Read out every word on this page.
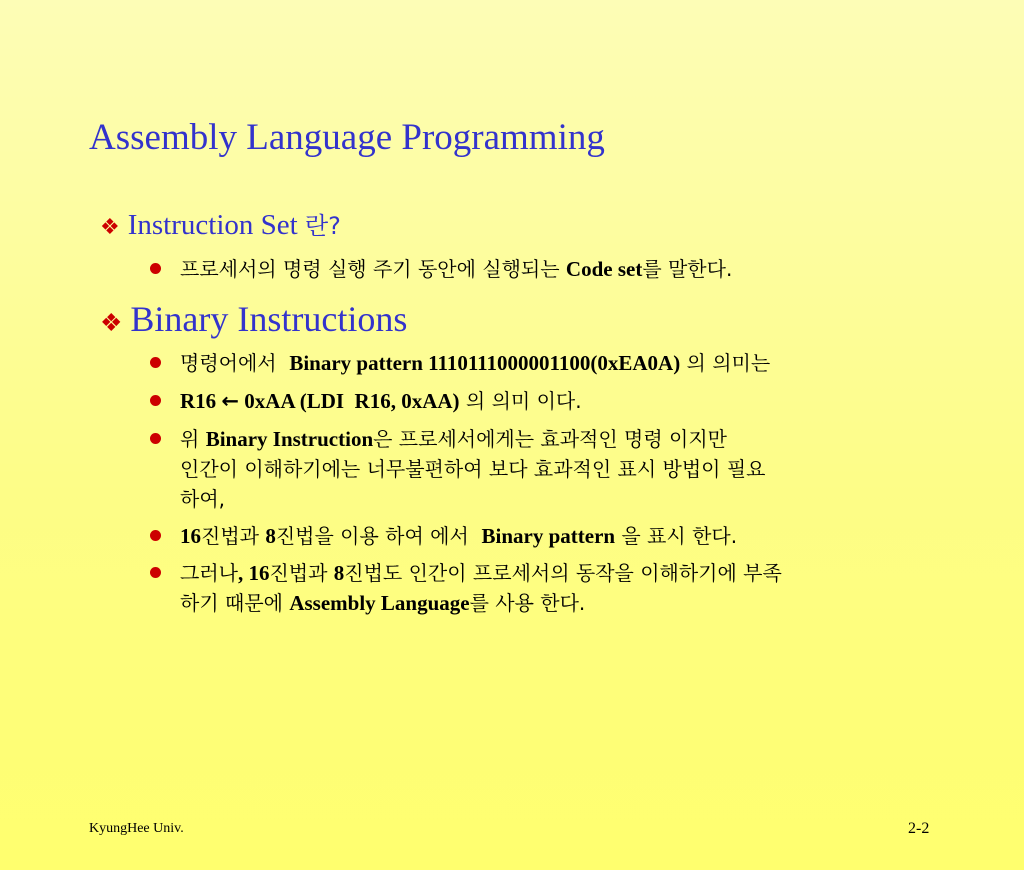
Assembly Language Programming
❖ Instruction Set 란?
프로세서의 명령 실행 주기 동안에 실행되는 Code set를 말한다.
❖ Binary Instructions
명령어에서  Binary pattern 1110111000001100(0xEA0A) 의 의미는
R16 ← 0xAA (LDI  R16, 0xAA) 의 의미 이다.
위 Binary Instruction은 프로세서에게는 효과적인 명령 이지만
인간이 이해하기에는 너무불편하여 보다 효과적인 표시 방법이 필요
하여,
16진법과 8진법을 이용 하여 에서  Binary pattern 을 표시 한다.
그러나, 16진법과 8진법도 인간이 프로세서의 동작을 이해하기에 부족
하기 때문에 Assembly Language를 사용 한다.
KyungHee Univ.	2-2
